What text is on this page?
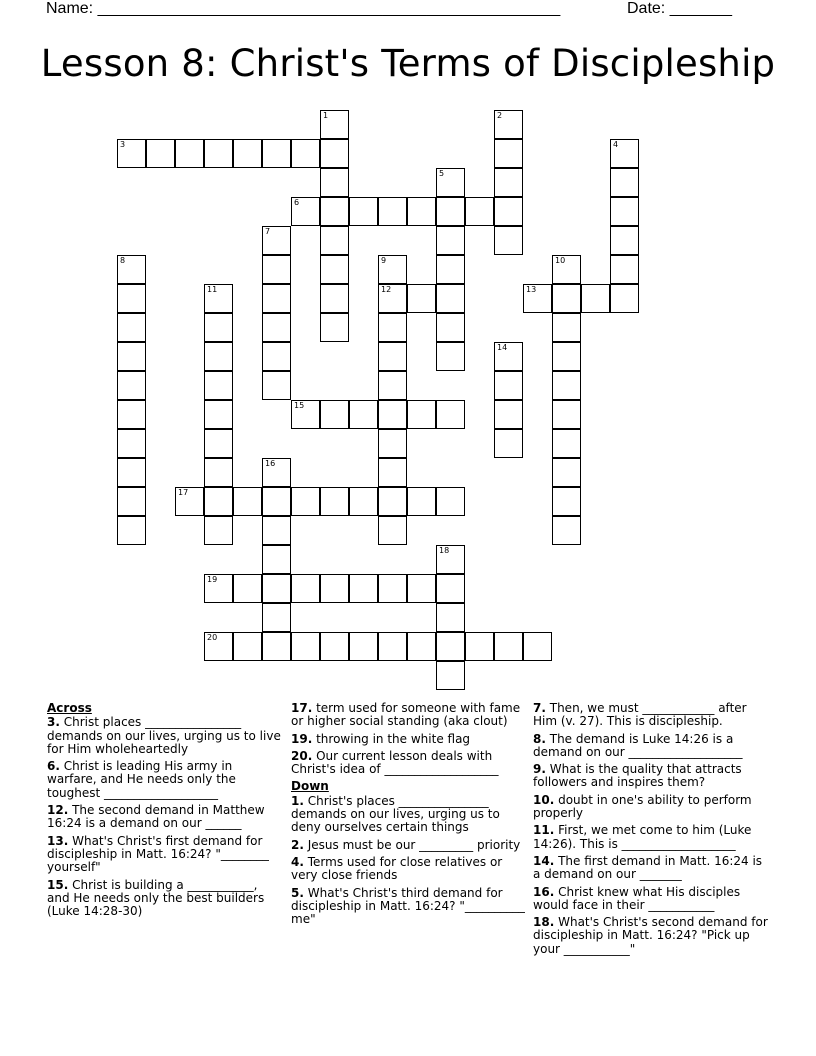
Name: ____________________________________________________	Date: _______
Lesson 8: Christ's Terms of Discipleship
1	2
3	4
5
6
7
8	9
12
10
11	13
14
15
16
17
18
19
20
Across
3. Christ places ________________ demands on our lives, urging us to live for Him wholeheartedly
6. Christ is leading His army in warfare, and He needs only the toughest ___________________
12. The second demand in Matthew 16:24 is a demand on our ______
13. What's Christ's first demand for discipleship in Matt. 16:24? "________ yourself"
15. Christ is building a ___________, and He needs only the best builders (Luke 14:28-30)
17. term used for someone with fame or higher social standing (aka clout)
19. throwing in the white flag
20. Our current lesson deals with Christ's idea of ___________________
Down
1. Christ's places _______________ demands on our lives, urging us to deny ourselves certain things
2. Jesus must be our _________ priority
4. Terms used for close relatives or very close friends
5. What's Christ's third demand for discipleship in Matt. 16:24? "__________ me"
7. Then, we must ____________ after Him (v. 27). This is discipleship.
8. The demand is Luke 14:26 is a demand on our ___________________
9. What is the quality that attracts followers and inspires them?
10. doubt in one's ability to perform properly
11. First, we met come to him (Luke 14:26). This is ___________________
14. The first demand in Matt. 16:24 is a demand on our _______
16. Christ knew what His disciples would face in their ___________
18. What's Christ's second demand for discipleship in Matt. 16:24? "Pick up your ___________"
